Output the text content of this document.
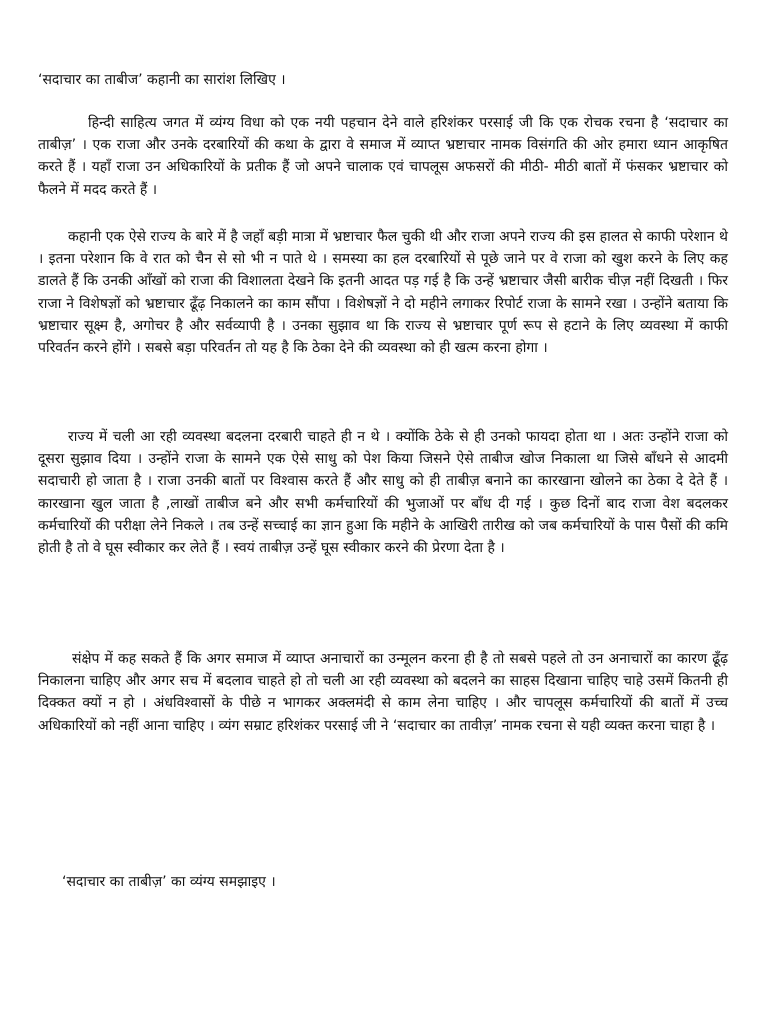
‘सदाचार का ताबीज’ कहानी का सारांश लिखिए ।

हिन्दी साहित्य जगत में व्यंग्य विधा को एक नयी पहचान देने वाले हरिशंकर परसाई जी कि एक रोचक रचना है ‘सदाचार का ताबीज़’ । एक राजा और उनके दरबारियों की कथा के द्वारा वे समाज में व्याप्त भ्रष्टाचार नामक विसंगति की ओर हमारा ध्यान आकृषित करते हैं । यहाँ राजा उन अधिकारियों के प्रतीक हैं जो अपने चालाक एवं चापलूस अफसरों की मीठी- मीठी बातों में फंसकर भ्रष्टाचार को फैलने में मदद करते हैं ।

कहानी एक ऐसे राज्य के बारे में है जहाँ बड़ी मात्रा में भ्रष्टाचार फैल चुकी थी और राजा अपने राज्य की इस हालत से काफी परेशान थे । इतना परेशान कि वे रात को चैन से सो भी न पाते थे । समस्या का हल दरबारियों से पूछे जाने पर वे राजा को खुश करने के लिए कह डालते हैं कि उनकी आँखों को राजा की विशालता देखने कि इतनी आदत पड़ गई है कि उन्हें भ्रष्टाचार जैसी बारीक चीज़ नहीं दिखती । फिर राजा ने विशेषज्ञों को भ्रष्टाचार ढूँढ़ निकालने का काम सौंपा । विशेषज्ञों ने दो महीने लगाकर रिपोर्ट राजा के सामने रखा । उन्होंने बताया कि भ्रष्टाचार सूक्ष्म है, अगोचर है और सर्वव्यापी है । उनका सुझाव था कि राज्य से भ्रष्टाचार पूर्ण रूप से हटाने के लिए व्यवस्था में काफी परिवर्तन करने होंगे । सबसे बड़ा परिवर्तन तो यह है कि ठेका देने की व्यवस्था को ही खत्म करना होगा ।

राज्य में चली आ रही व्यवस्था बदलना दरबारी चाहते ही न थे । क्योंकि ठेके से ही उनको फायदा होता था । अतः उन्होंने राजा को दूसरा सुझाव दिया । उन्होंने राजा के सामने एक ऐसे साधु को पेश किया जिसने ऐसे ताबीज खोज निकाला था जिसे बाँधने से आदमी सदाचारी हो जाता है । राजा उनकी बातों पर विश्वास करते हैं और साधु को ही ताबीज़ बनाने का कारखाना खोलने का ठेका दे देते हैं । कारखाना खुल जाता है ,लाखों ताबीज बने और सभी कर्मचारियों की भुजाओं पर बाँध दी गई । कुछ दिनों बाद राजा वेश बदलकर कर्मचारियों की परीक्षा लेने निकले । तब उन्हें सच्चाई का ज्ञान हुआ कि महीने के आखिरी तारीख को जब कर्मचारियों के पास पैसों की कमि होती है तो वे घूस स्वीकार कर लेते हैं । स्वयं ताबीज़ उन्हें घूस स्वीकार करने की प्रेरणा देता है ।

संक्षेप में कह सकते हैं कि अगर समाज में व्याप्त अनाचारों का उन्मूलन करना ही है तो सबसे पहले तो उन अनाचारों का कारण ढूँढ़ निकालना चाहिए और अगर सच में बदलाव चाहते हो तो चली आ रही व्यवस्था को बदलने का साहस दिखाना चाहिए चाहे उसमें कितनी ही दिक्कत क्यों न हो । अंधविश्वासों के पीछे न भागकर अक्लमंदी से काम लेना चाहिए । और चापलूस कर्मचारियों की बातों में उच्च अधिकारियों को नहीं आना चाहिए । व्यंग सम्राट हरिशंकर परसाई जी ने ‘सदाचार का तावीज़’ नामक रचना से यही व्यक्त करना चाहा है ।

‘सदाचार का ताबीज़’ का व्यंग्य समझाइए ।
